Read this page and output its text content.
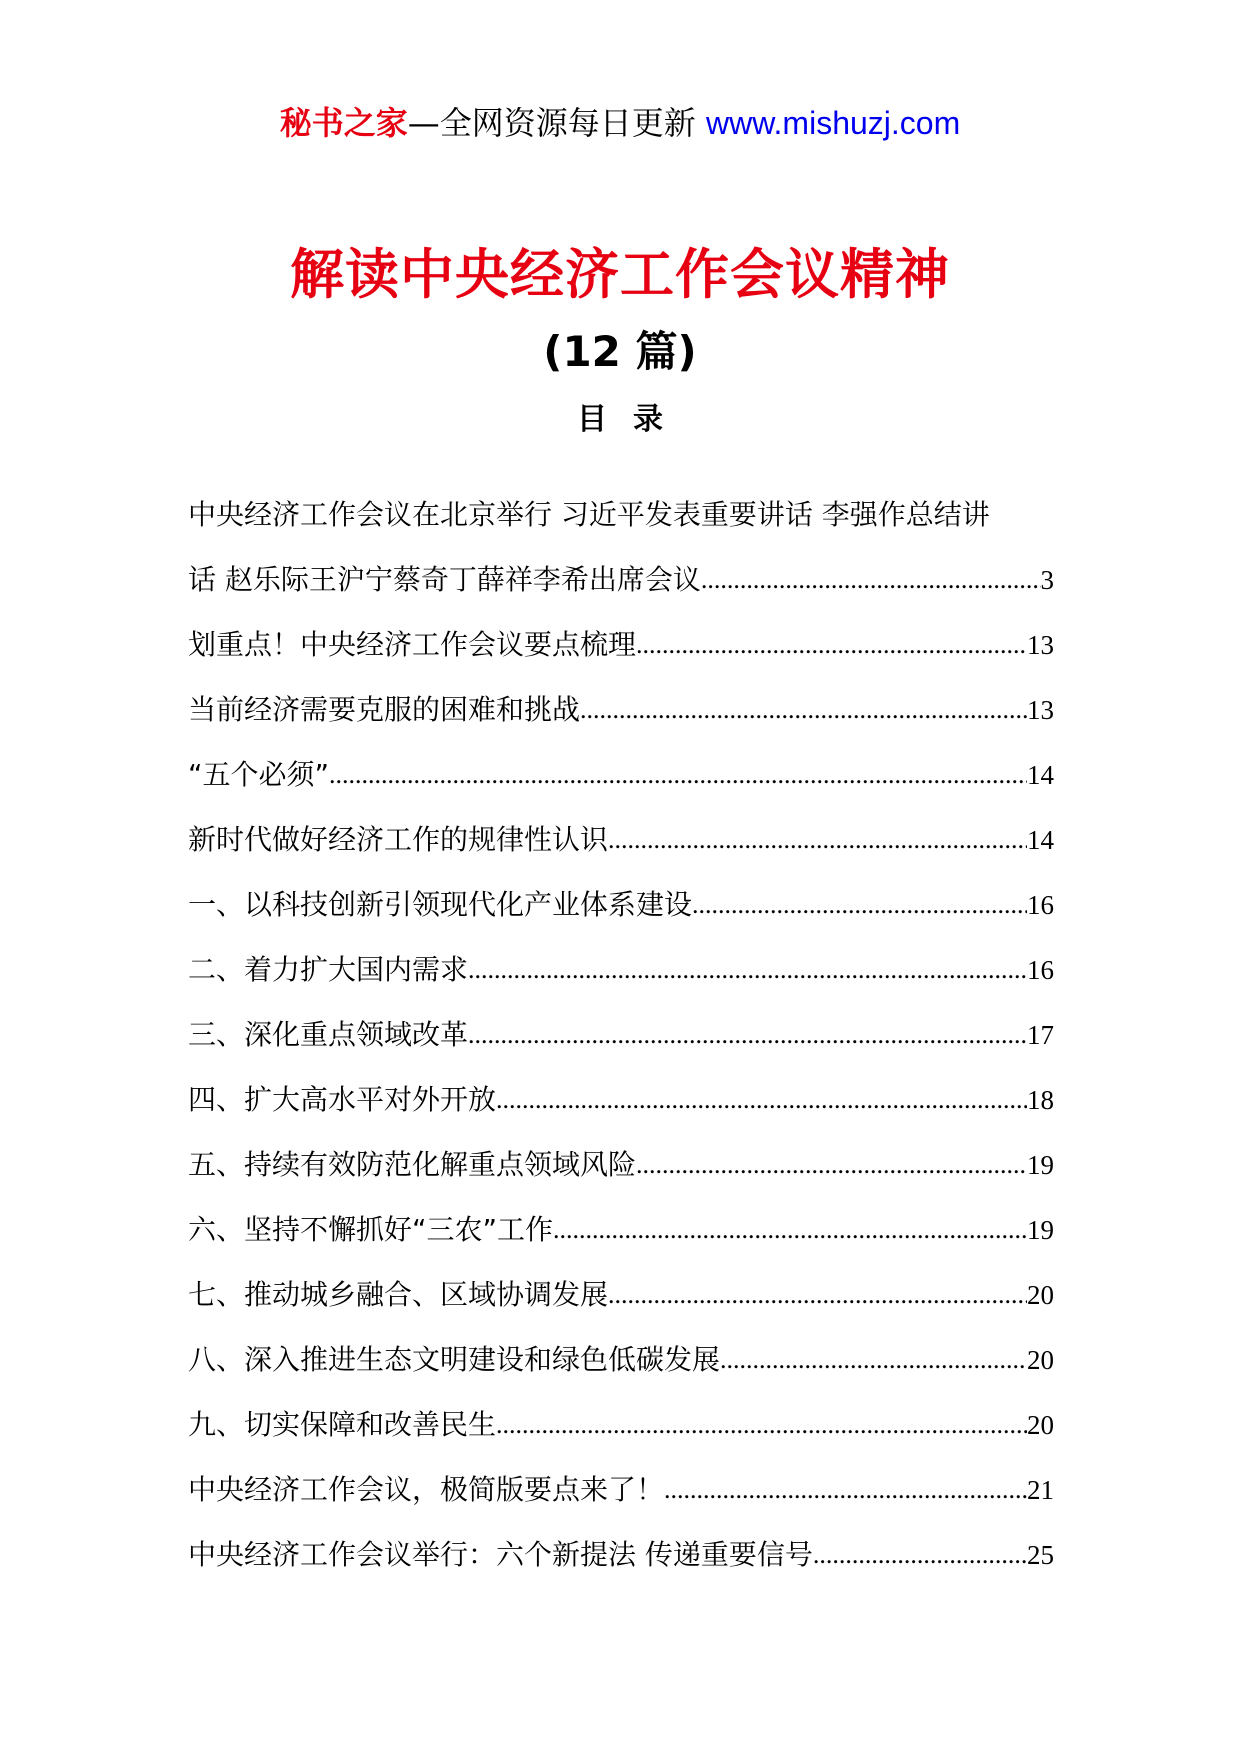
秘书之家—全网资源每日更新 www.mishuzj.com
解读中央经济工作会议精神
(12 篇)
目录
中央经济工作会议在北京举行 习近平发表重要讲话 李强作总结讲
话 赵乐际王沪宁蔡奇丁薛祥李希出席会议 .....	3
划重点！中央经济工作会议要点梳理 .....	13
当前经济需要克服的困难和挑战 .....	13
“五个必须” .....	14
新时代做好经济工作的规律性认识 .....	14
一、以科技创新引领现代化产业体系建设 .....	16
二、着力扩大国内需求 .....	16
三、深化重点领域改革 .....	17
四、扩大高水平对外开放 .....	18
五、持续有效防范化解重点领域风险 .....	19
六、坚持不懈抓好“三农”工作 .....	19
七、推动城乡融合、区域协调发展 .....	20
八、深入推进生态文明建设和绿色低碳发展 .....	20
九、切实保障和改善民生 .....	20
中央经济工作会议，极简版要点来了！ .....	21
中央经济工作会议举行：六个新提法 传递重要信号 .....	25
